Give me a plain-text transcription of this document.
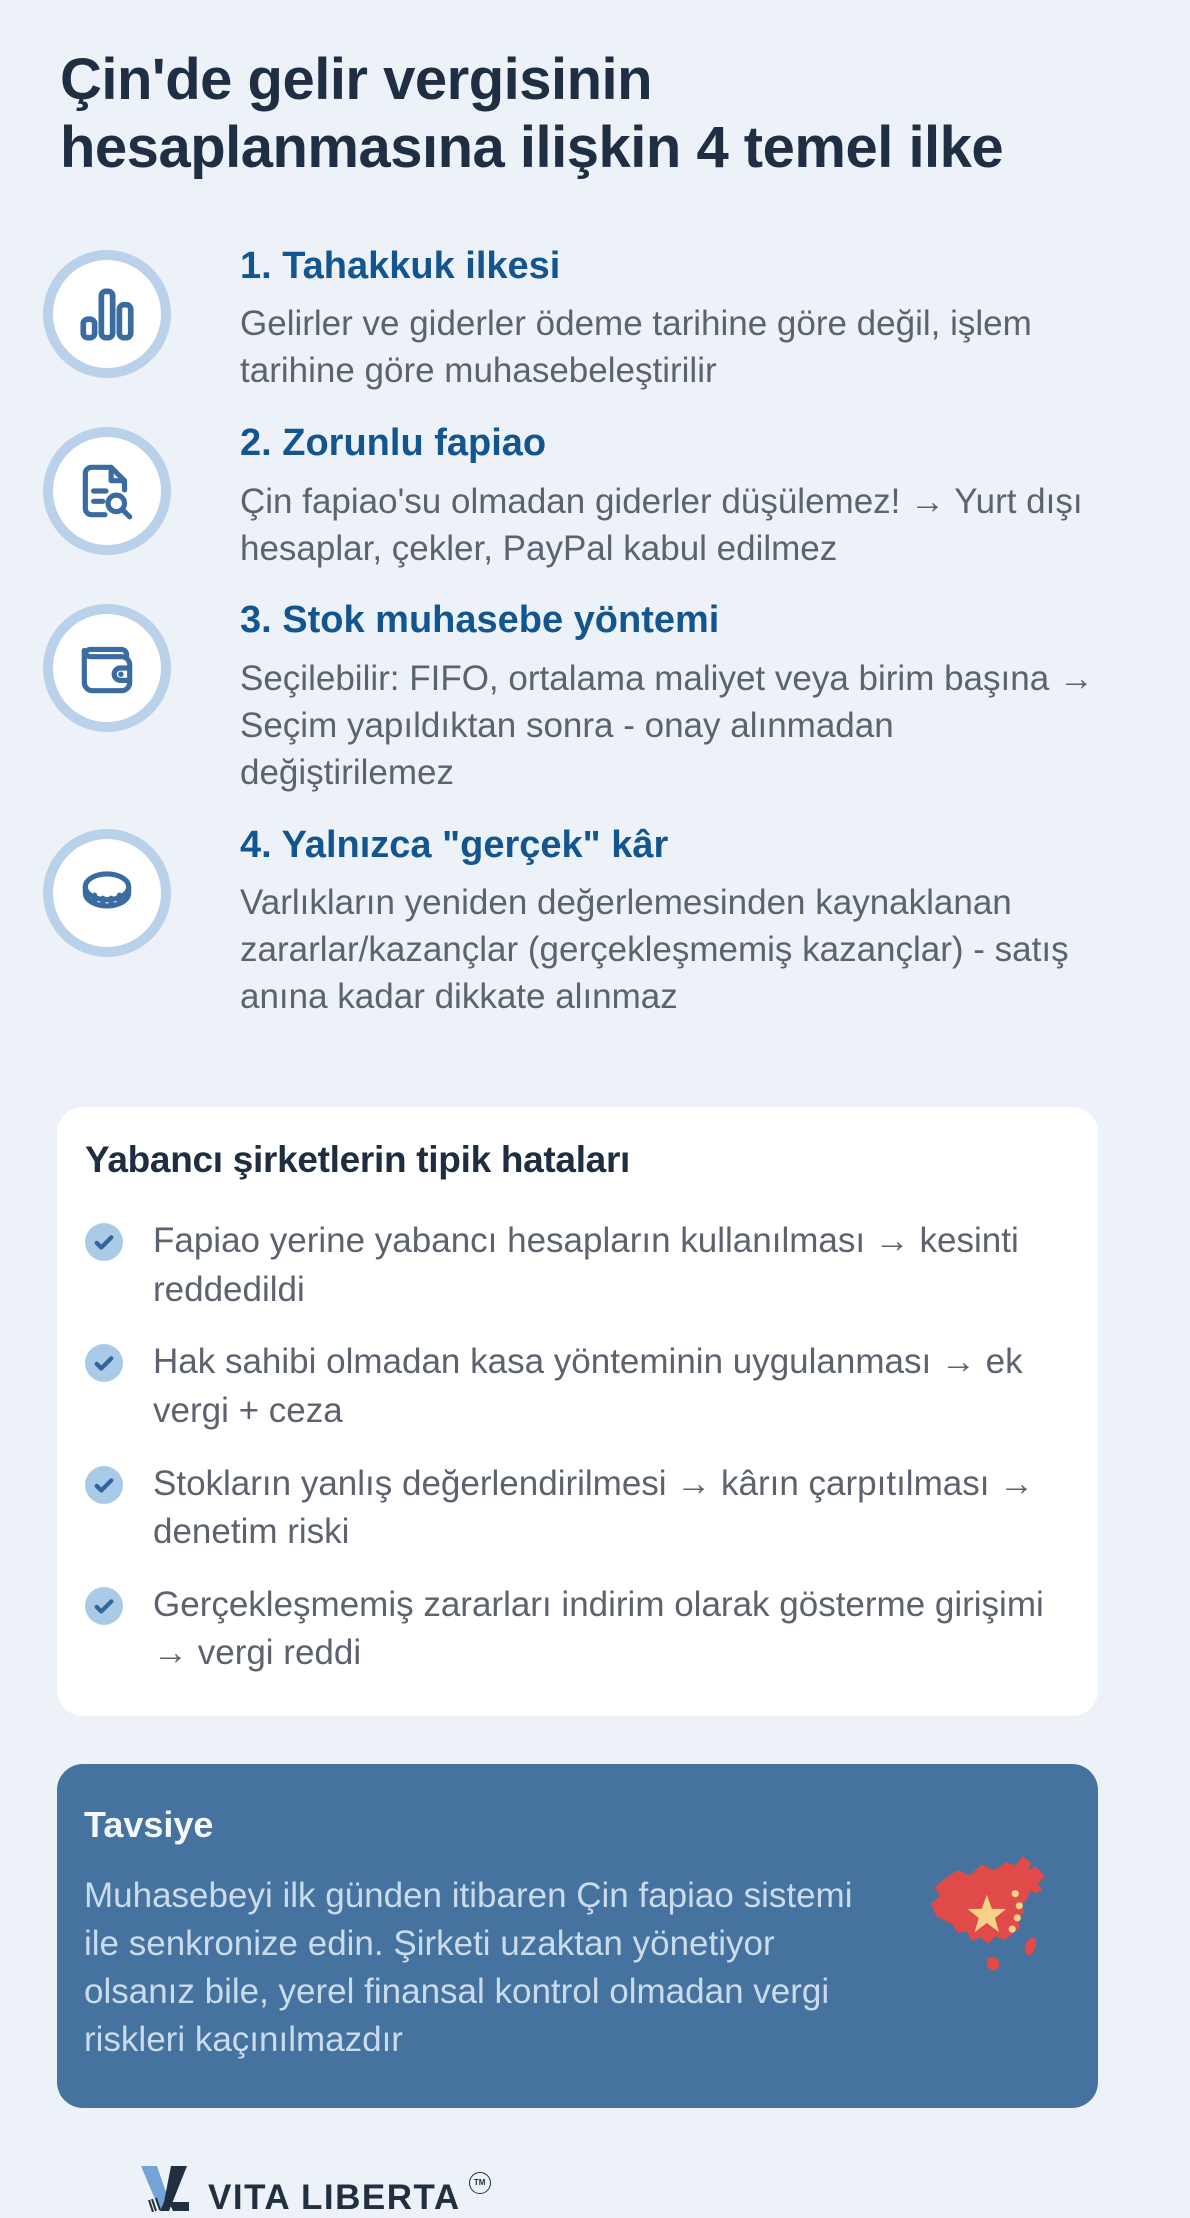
Çin'de gelir vergisinin hesaplanmasına ilişkin 4 temel ilke
1. Tahakkuk ilkesi
Gelirler ve giderler ödeme tarihine göre değil, işlem tarihine göre muhasebeleştirilir
2. Zorunlu fapiao
Çin fapiao'su olmadan giderler düşülemez! → Yurt dışı hesaplar, çekler, PayPal kabul edilmez
3. Stok muhasebe yöntemi
Seçilebilir: FIFO, ortalama maliyet veya birim başına → Seçim yapıldıktan sonra - onay alınmadan değiştirilemez
4. Yalnızca "gerçek" kâr
Varlıkların yeniden değerlemesinden kaynaklanan zararlar/kazançlar (gerçekleşmemiş kazançlar) - satış anına kadar dikkate alınmaz
Yabancı şirketlerin tipik hataları
Fapiao yerine yabancı hesapların kullanılması → kesinti reddedildi
Hak sahibi olmadan kasa yönteminin uygulanması → ek vergi + ceza
Stokların yanlış değerlendirilmesi → kârın çarpıtılması → denetim riski
Gerçekleşmemiş zararları indirim olarak gösterme girişimi → vergi reddi
Tavsiye
Muhasebeyi ilk günden itibaren Çin fapiao sistemi ile senkronize edin. Şirketi uzaktan yönetiyor olsanız bile, yerel finansal kontrol olmadan vergi riskleri kaçınılmazdır
VITA LIBERTA TM
